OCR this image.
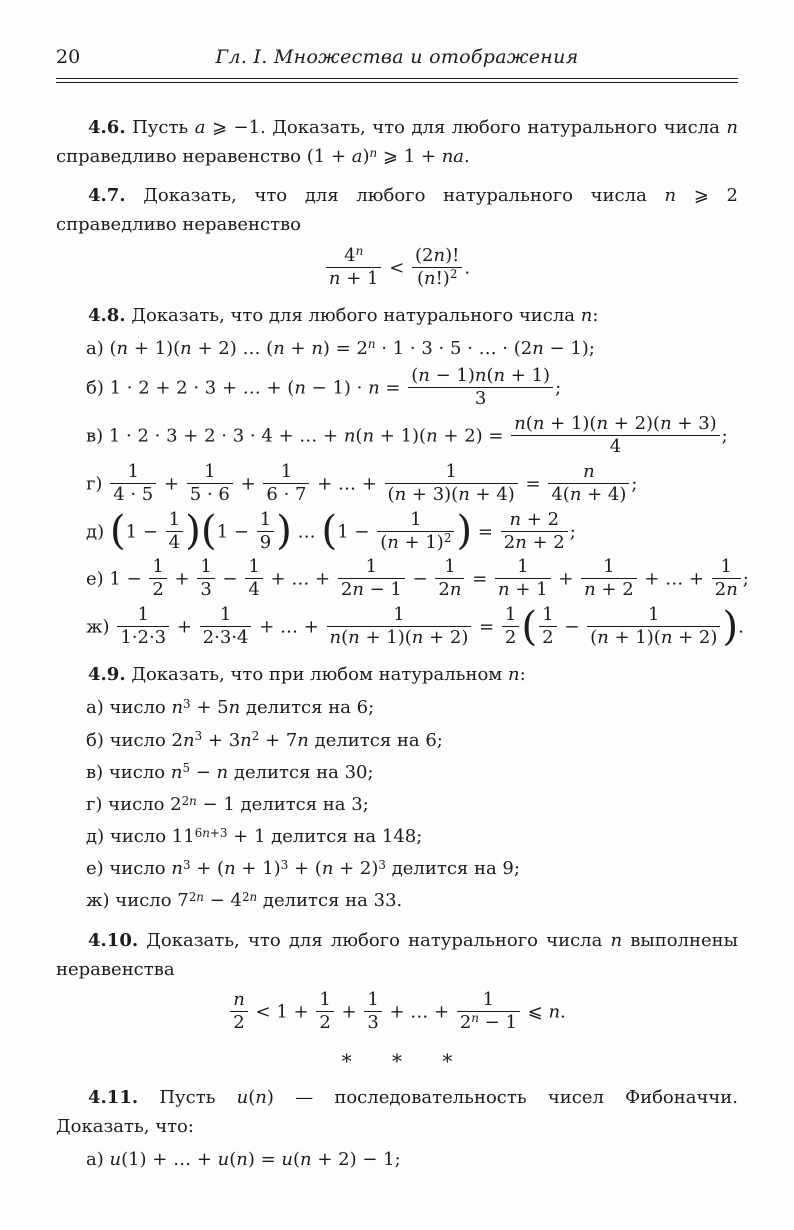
20	Гл. I. Множества и отображения

4.6. Пусть a ⩾ −1. Доказать, что для любого натурального числа n справедливо неравенство $(1 + a)^n$ ⩾ 1 + na.

4.7. Доказать, что для любого натурального числа n ⩾ 2 справедливо неравенство

$\frac{4^n}{n + 1} < \frac{(2n)!}{(n!)^2}$ .

4.8. Доказать, что для любого натурального числа n:

а) (n + 1)(n + 2) … $(n + n) = 2^n \cdot 1 \cdot 3 \cdot 5$ · … · (2n − 1);
б) 1 · 2 + 2 · 3 + … + $(n - 1) \cdot n = \frac{(n - 1)n(n + 1)}{3}$ ;
в) 1 · 2 · 3 + 2 · 3 · 4 + … + $n(n + 1)(n + 2) = \frac{n(n + 1)(n + 2)(n + 3)}{4}$ ;
$г) \frac{1}{4 \cdot 5} + \frac{1}{5 \cdot 6} + \frac{1}{6 \cdot 7}$ + … + $\frac{1}{(n + 3)(n + 4)} = \frac{n}{4(n + 4)}$ ;
д) $(1 - \frac{1}{4} )(1 - \frac{1}{9}$ ) … ($1 - \frac{1}{(n + 1)^2}$ ) = $\frac{n + 2}{2n + 2}$ ;
е) $1 - \frac{1}{2} + \frac{1}{3} - \frac{1}{4}$ + … + $\frac{1}{2n - 1} - \frac{1}{2n} = \frac{1}{n + 1} + \frac{1}{n + 2}$ + … + $\frac{1}{2n}$ ;
$ж) \frac{1}{1\cdot 2\cdot 3} + \frac{1}{2\cdot 3\cdot 4}$ + … + $\frac{1}{n(n + 1)(n + 2)} = \frac{1}{2}$ ( $\frac{1}{2} - \frac{1}{(n + 1)(n + 2)}$ ).

4.9. Доказать, что при любом натуральном n:

а) число $n^3 + 5n$ делится на 6;
б) число $2n^3 + 3n^2 + 7n$ делится на 6;
в) число $n^5 - n$ делится на 30;
г) число $2^{2n} - 1$ делится на 3;
д) число $11^{6n+3} + 1$ делится на 148;
е) число $n^3 + (n + 1)^3 + (n + 2)^3$ делится на 9;
ж) число $7^{2n} - 4^{2n}$ делится на 33.

4.10. Доказать, что для любого натурального числа n выполнены неравенства

$\frac{n}{2} < 1 + \frac{1}{2} + \frac{1}{3}$ + … + $\frac{1}{2^n - 1}$ ⩽ n.
* * *

4.11. Пусть u(n) — последовательность чисел Фибоначчи. Доказать, что:

а) u(1) + … + u(n) = u(n + 2) − 1;
